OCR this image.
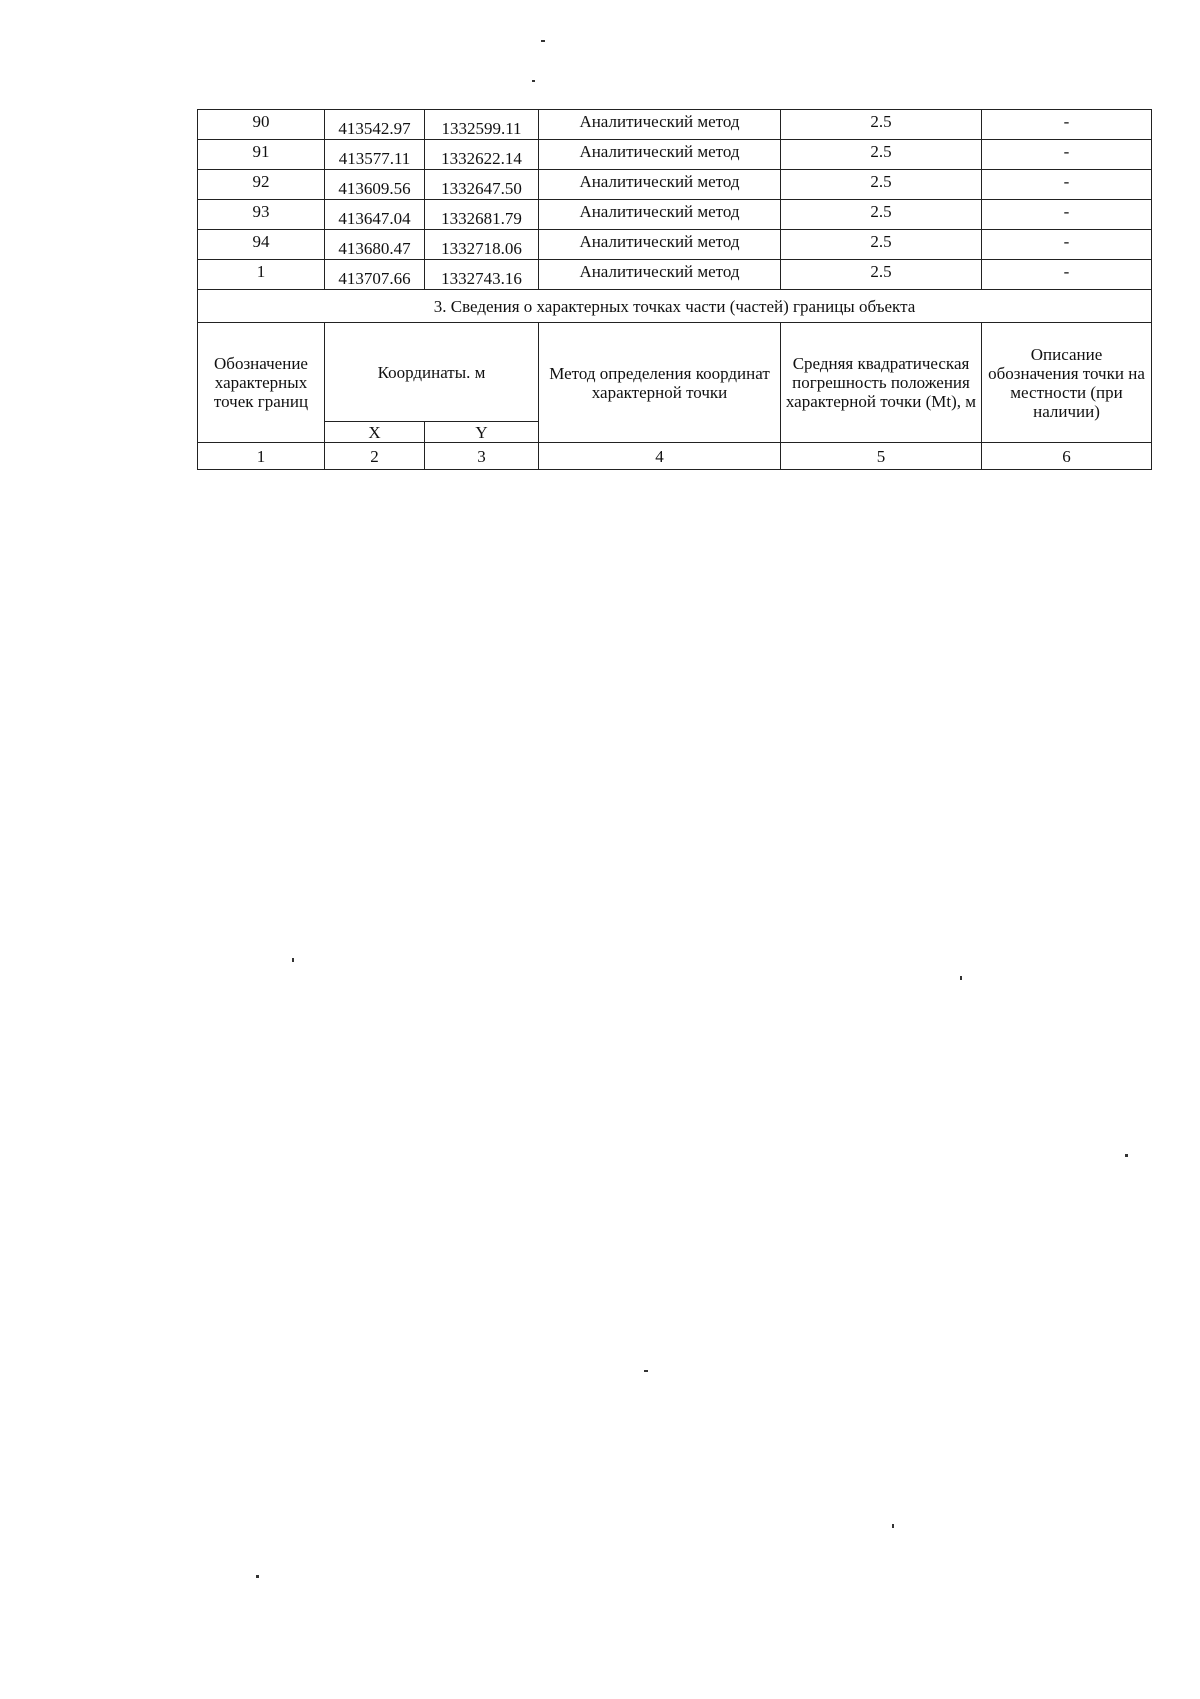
90	413542.97	1332599.11	Аналитический метод	2.5	-
91	413577.11	1332622.14	Аналитический метод	2.5	-
92	413609.56	1332647.50	Аналитический метод	2.5	-
93	413647.04	1332681.79	Аналитический метод	2.5	-
94	413680.47	1332718.06	Аналитический метод	2.5	-
1	413707.66	1332743.16	Аналитический метод	2.5	-
3. Сведения о характерных точках части (частей) границы объекта					
Обозначение характерных точек границ	Координаты. м		Метод определения координат характерной точки	Средняя квадратическая погрешность положения характерной точки (Mt), м	Описание обозначения точки на местности (при наличии)
	X	Y			
1	2	3	4	5	6
